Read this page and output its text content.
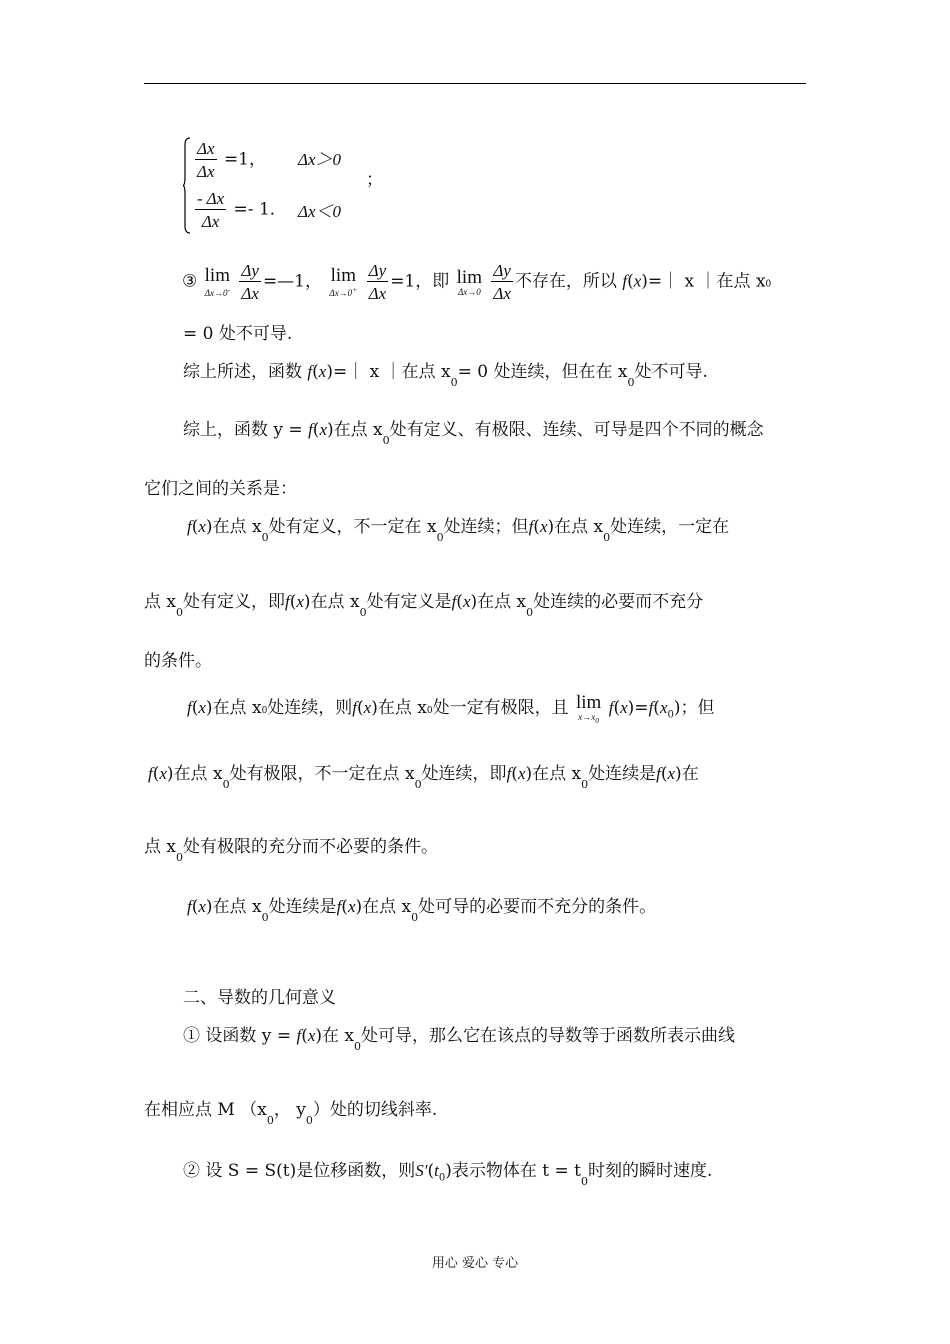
$\frac{\Delta x}{\Delta x} =1$， Δx＞0
；
$\frac{- \Delta x}{\Delta x} =- 1$． Δx＜0
③ lim
Δx→0-
$\frac{\Delta y}{\Delta x}$ =—1， lim
Δx→0+
$\frac{\Delta y}{\Delta x} =1$，即 lim
Δx→0
$\frac{\Delta y}{\Delta x}$ 不存在，所以 f(x)=｜ x ｜在点 x0
= 0 处不可导.
综上所述，函数 f(x)=｜ x ｜在点 $x_0= 0$ 处连续，但在在 $x_0$处不可导.
综上，函数 y = f(x)在点 $x_0$处有定义、有极限、连续、可导是四个不同的概念
它们之间的关系是：
f(x)在点 $x_0$处有定义，不一定在 $x_0$处连续；但f(x)在点 $x_0$处连续，一定在
点 $x_0$处有定义，即f(x)在点 $x_0$处有定义是f(x)在点 $x_0$处连续的必要而不充分
的条件。
f(x)在点 x0处连续，则f(x)在点 x0处一定有极限，且 lim
$x\to x_0$
$f(x)=f(x_0)$；但
f(x)在点 $x_0$处有极限，不一定在点 $x_0$处连续，即f(x)在点 $x_0$处连续是f(x)在
点 $x_0$处有极限的充分而不必要的条件。
f(x)在点 $x_0$处连续是f(x)在点 $x_0$处可导的必要而不充分的条件。
二、导数的几何意义
① 设函数 y = f(x)在 $x_0$处可导，那么它在该点的导数等于函数所表示曲线
在相应点 M （$x_0$， $y_0$）处的切线斜率.
② 设 S = S(t)是位移函数，则$S'(t_0)$表示物体在 $t = t_0$时刻的瞬时速度.
用心 爱心 专心
